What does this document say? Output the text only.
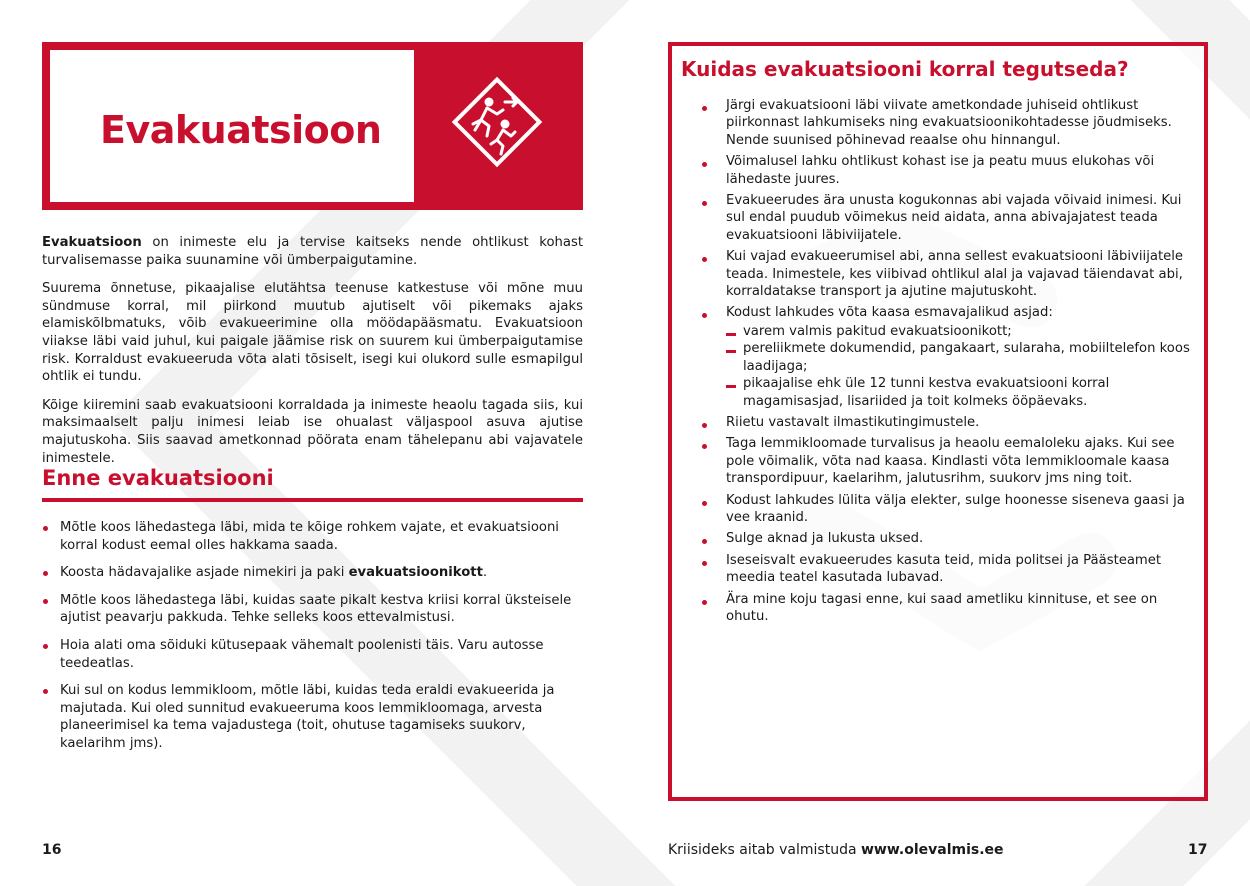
Evakuatsioon

Evakuatsioon on inimeste elu ja tervise kaitseks nende ohtlikust kohast turvalisemasse paika suunamine või ümberpaigutamine.

Suurema õnnetuse, pikaajalise elutähtsa teenuse katkestuse või mõne muu sündmuse korral, mil piirkond muutub ajutiselt või pikemaks ajaks elamiskõlbmatuks, võib evakueerimine olla möödapääsmatu. Evakuatsioon viiakse läbi vaid juhul, kui paigale jäämise risk on suurem kui ümberpaigutamise risk. Korraldust evakueeruda võta alati tõsiselt, isegi kui olukord sulle esmapilgul ohtlik ei tundu.

Kõige kiiremini saab evakuatsiooni korraldada ja inimeste heaolu tagada siis, kui maksimaalselt palju inimesi leiab ise ohualast väljaspool asuva ajutise majutuskoha. Siis saavad ametkonnad pöörata enam tähelepanu abi vajavatele inimestele.

Enne evakuatsiooni
Mõtle koos lähedastega läbi, mida te kõige rohkem vajate, et evakuatsiooni korral kodust eemal olles hakkama saada.
Koosta hädavajalike asjade nimekiri ja paki evakuatsioonikott.
Mõtle koos lähedastega läbi, kuidas saate pikalt kestva kriisi korral üksteisele ajutist peavarju pakkuda. Tehke selleks koos ettevalmistusi.
Hoia alati oma sõiduki kütusepaak vähemalt poolenisti täis. Varu autosse teedeatlas.
Kui sul on kodus lemmikloom, mõtle läbi, kuidas teda eraldi evakueerida ja majutada. Kui oled sunnitud evakueeruma koos lemmikloomaga, arvesta planeerimisel ka tema vajadustega (toit, ohutuse tagamiseks suukorv, kaelarihm jms).
16
Kuidas evakuatsiooni korral tegutseda?
Järgi evakuatsiooni läbi viivate ametkondade juhiseid ohtlikust piirkonnast lahkumiseks ning evakuatsioonikohtadesse jõudmiseks. Nende suunised põhinevad reaalse ohu hinnangul.
Võimalusel lahku ohtlikust kohast ise ja peatu muus elukohas või lähedaste juures.
Evakueerudes ära unusta kogukonnas abi vajada võivaid inimesi. Kui sul endal puudub võimekus neid aidata, anna abivajajatest teada evakuatsiooni läbiviijatele.
Kui vajad evakueerumisel abi, anna sellest evakuatsiooni läbiviijatele teada. Inimestele, kes viibivad ohtlikul alal ja vajavad täiendavat abi, korraldatakse transport ja ajutine majutuskoht.
Kodust lahkudes võta kaasa esmavajalikud asjad:
varem valmis pakitud evakuatsioonikott;
pereliikmete dokumendid, pangakaart, sularaha, mobiiltelefon koos laadijaga;
pikaajalise ehk üle 12 tunni kestva evakuatsiooni korral magamisasjad, lisariided ja toit kolmeks ööpäevaks.
Riietu vastavalt ilmastikutingimustele.
Taga lemmikloomade turvalisus ja heaolu eemaloleku ajaks. Kui see pole võimalik, võta nad kaasa. Kindlasti võta lemmikloomale kaasa transpordipuur, kaelarihm, jalutusrihm, suukorv jms ning toit.
Kodust lahkudes lülita välja elekter, sulge hoonesse siseneva gaasi ja vee kraanid.
Sulge aknad ja lukusta uksed.
Iseseisvalt evakueerudes kasuta teid, mida politsei ja Päästeamet meedia teatel kasutada lubavad.
Ära mine koju tagasi enne, kui saad ametliku kinnituse, et see on ohutu.
Kriisideks aitab valmistuda www.olevalmis.ee	17
